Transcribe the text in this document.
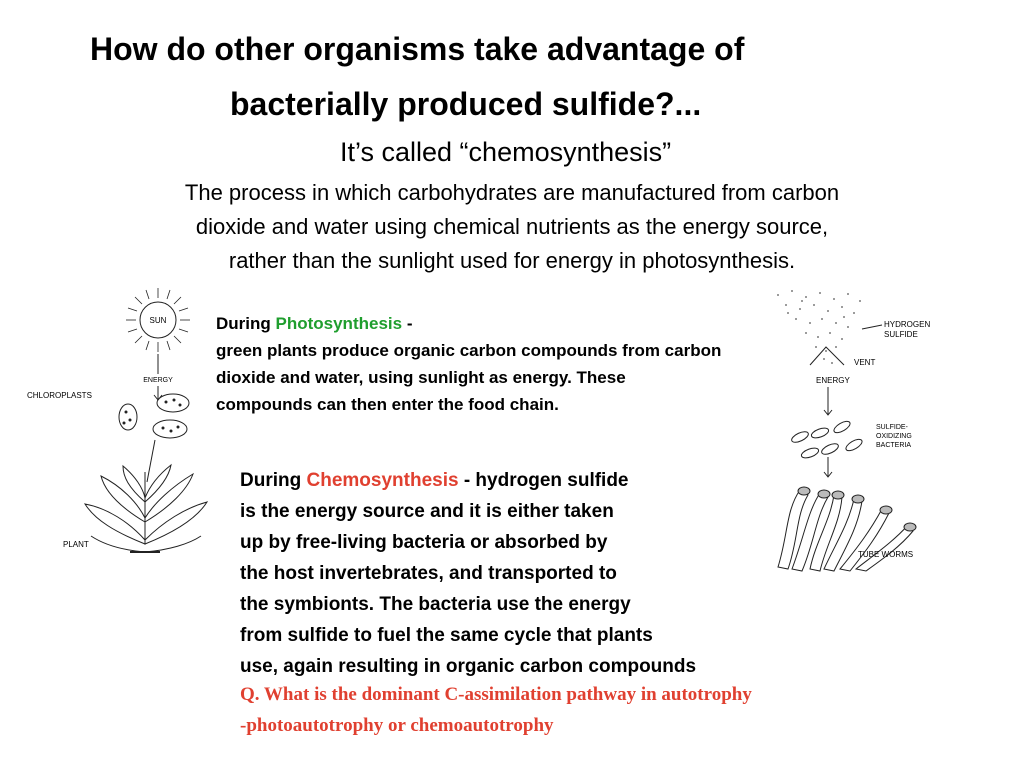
SUN
ENERGY
CHLOROPLASTS
PLANT
HYDROGEN
SULFIDE
VENT
ENERGY
SULFIDE-
OXIDIZING
BACTERIA
TUBE WORMS
How do other organisms take advantage of
bacterially produced sulfide?...
It’s called “chemosynthesis”
The process in which carbohydrates are manufactured from carbon
dioxide and water using chemical nutrients as the energy source,
rather than the sunlight used for energy in photosynthesis.
During Photosynthesis -
green plants produce organic carbon compounds from carbon
dioxide and water, using sunlight as energy. These
compounds can then enter the food chain.
During Chemosynthesis - hydrogen sulfide
is the energy source and it is either taken
up by free-living bacteria or absorbed by
the host invertebrates, and transported to
the symbionts. The bacteria use the energy
from sulfide to fuel the same cycle that plants
use, again resulting in organic carbon compounds
Q. What is the dominant C-assimilation pathway in autotrophy
-photoautotrophy or chemoautotrophy
